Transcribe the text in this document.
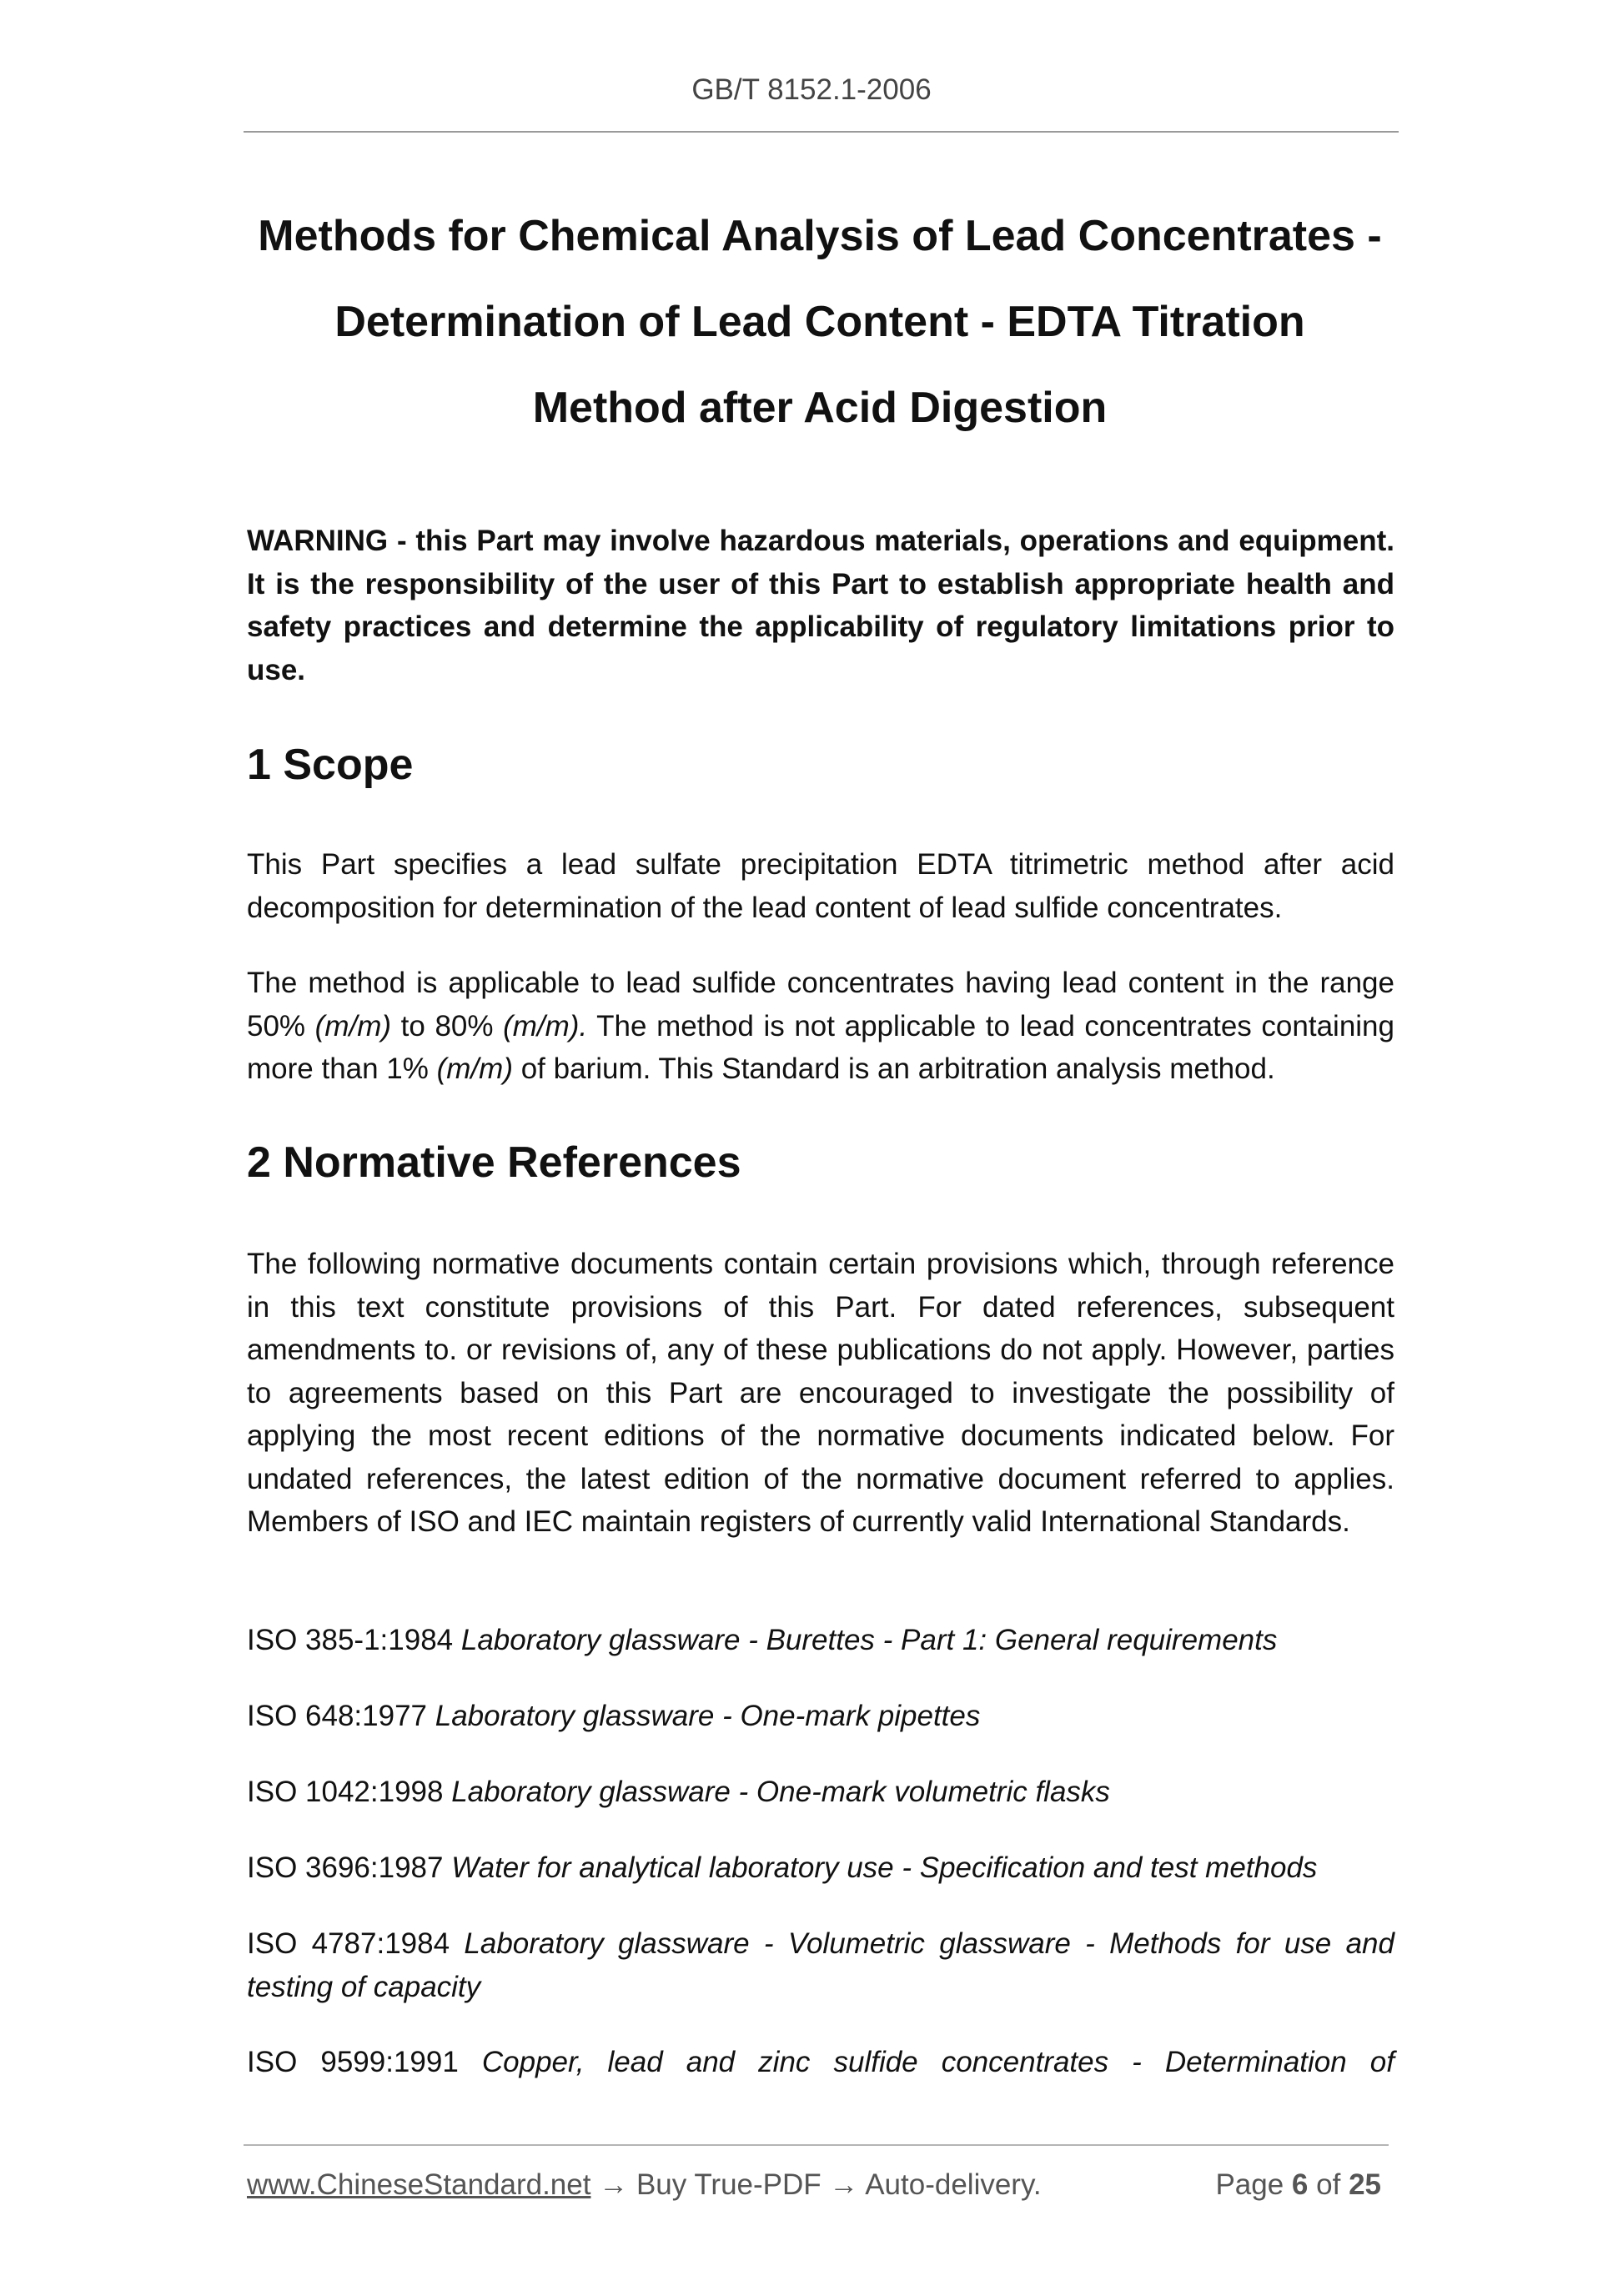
GB/T 8152.1-2006
Methods for Chemical Analysis of Lead Concentrates -
Determination of Lead Content - EDTA Titration
Method after Acid Digestion

WARNING - this Part may involve hazardous materials, operations and equipment. It is the responsibility of the user of this Part to establish appropriate health and safety practices and determine the applicability of regulatory limitations prior to use.

1 Scope

This Part specifies a lead sulfate precipitation EDTA titrimetric method after acid decomposition for determination of the lead content of lead sulfide concentrates.

The method is applicable to lead sulfide concentrates having lead content in the range 50% (m/m) to 80% (m/m). The method is not applicable to lead concentrates containing more than 1% (m/m) of barium. This Standard is an arbitration analysis method.

2 Normative References

The following normative documents contain certain provisions which, through reference in this text constitute provisions of this Part. For dated references, subsequent amendments to. or revisions of, any of these publications do not apply. However, parties to agreements based on this Part are encouraged to investigate the possibility of applying the most recent editions of the normative documents indicated below. For undated references, the latest edition of the normative document referred to applies. Members of ISO and IEC maintain registers of currently valid International Standards.

ISO 385-1:1984 Laboratory glassware - Burettes - Part 1: General requirements

ISO 648:1977 Laboratory glassware - One-mark pipettes

ISO 1042:1998 Laboratory glassware - One-mark volumetric flasks

ISO 3696:1987 Water for analytical laboratory use - Specification and test methods

ISO 4787:1984 Laboratory glassware - Volumetric glassware - Methods for use and testing of capacity

ISO 9599:1991 Copper, lead and zinc sulfide concentrates - Determination of

www.ChineseStandard.net → Buy True-PDF → Auto-delivery.	Page 6 of 25
